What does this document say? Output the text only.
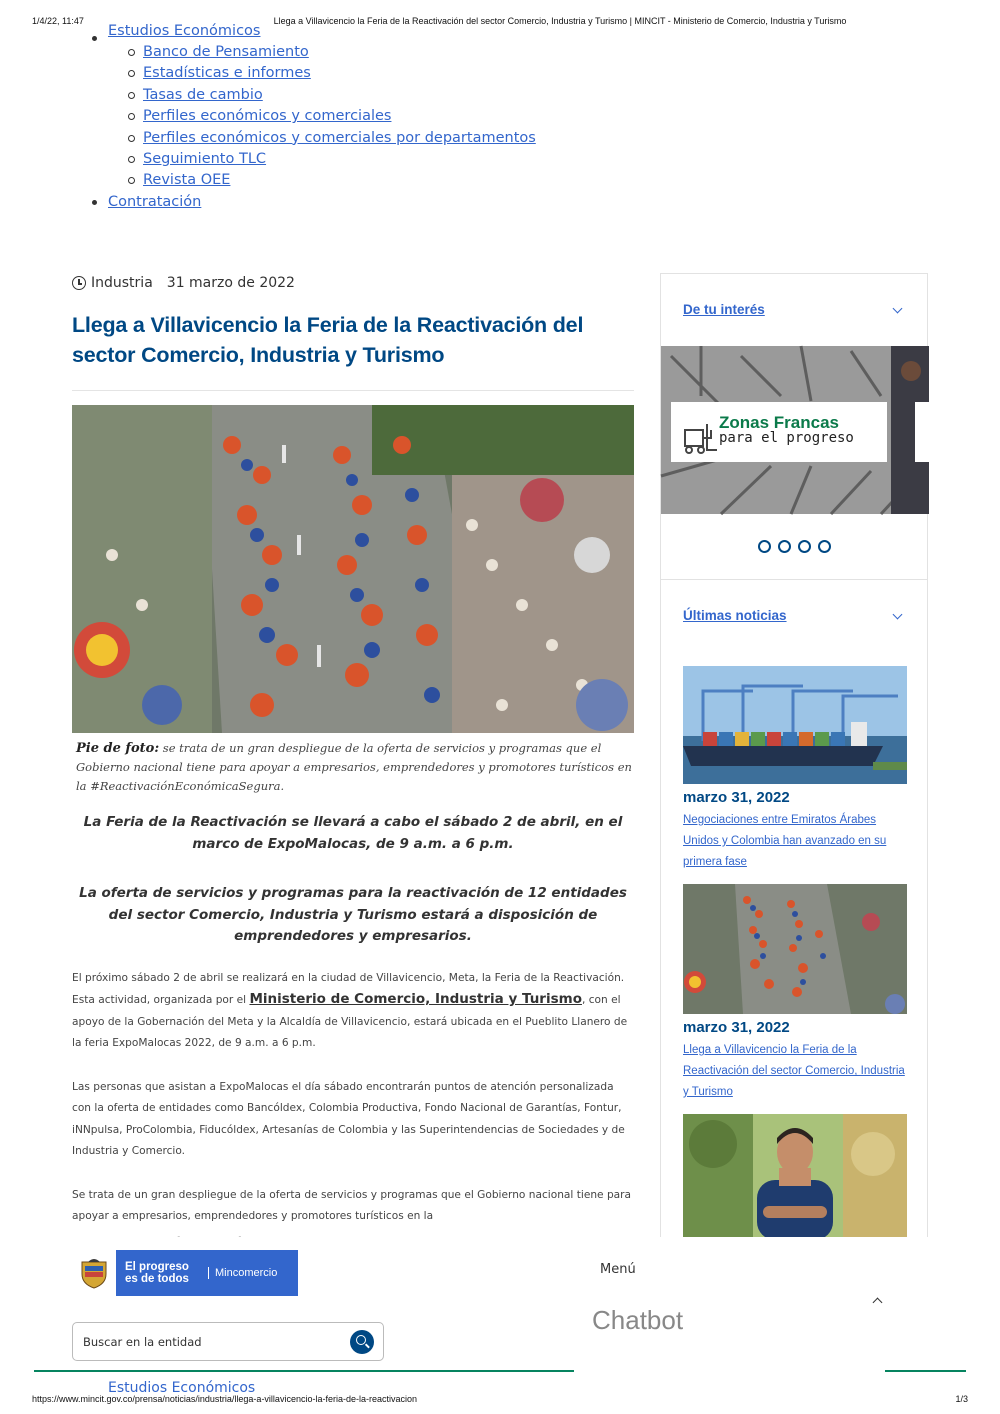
1/4/22, 11:47	Llega a Villavicencio la Feria de la Reactivación del sector Comercio, Industria y Turismo | MINCIT - Ministerio de Comercio, Industria y Turismo
Estudios Económicos
Banco de Pensamiento
Estadísticas e informes
Tasas de cambio
Perfiles económicos y comerciales
Perfiles económicos y comerciales por departamentos
Seguimiento TLC
Revista OEE
Contratación
Industria 31 marzo de 2022
Llega a Villavicencio la Feria de la Reactivación del sector Comercio, Industria y Turismo

Pie de foto: se trata de un gran despliegue de la oferta de servicios y programas que el Gobierno nacional tiene para apoyar a empresarios, emprendedores y promotores turísticos en la #ReactivaciónEconómicaSegura.

La Feria de la Reactivación se llevará a cabo el sábado 2 de abril, en el marco de ExpoMalocas, de 9 a.m. a 6 p.m.

La oferta de servicios y programas para la reactivación de 12 entidades del sector Comercio, Industria y Turismo estará a disposición de emprendedores y empresarios.

El próximo sábado 2 de abril se realizará en la ciudad de Villavicencio, Meta, la Feria de la Reactivación. Esta actividad, organizada por el Ministerio de Comercio, Industria y Turismo, con el apoyo de la Gobernación del Meta y la Alcaldía de Villavicencio, estará ubicada en el Pueblito Llanero de la feria ExpoMalocas 2022, de 9 a.m. a 6 p.m.

Las personas que asistan a ExpoMalocas el día sábado encontrarán puntos de atención personalizada con la oferta de entidades como Bancóldex, Colombia Productiva, Fondo Nacional de Garantías, Fontur, iNNpulsa, ProColombia, Fiducóldex, Artesanías de Colombia y las Superintendencias de Sociedades y de Industria y Comercio.

Se trata de un gran despliegue de la oferta de servicios y programas que el Gobierno nacional tiene para apoyar a empresarios, emprendedores y promotores turísticos en la

De tu interés
Zonas Francas
para el progreso
Últimas noticias
marzo 31, 2022
Negociaciones entre Emiratos Árabes Unidos y Colombia han avanzado en su primera fase
marzo 31, 2022
Llega a Villavicencio la Feria de la Reactivación del sector Comercio, Industria y Turismo
El progreso
es de todos	Mincomercio	Menú
Chatbot
Buscar en la entidad
Estudios Económicos
https://www.mincit.gov.co/prensa/noticias/industria/llega-a-villavicencio-la-feria-de-la-reactivacion	1/3
